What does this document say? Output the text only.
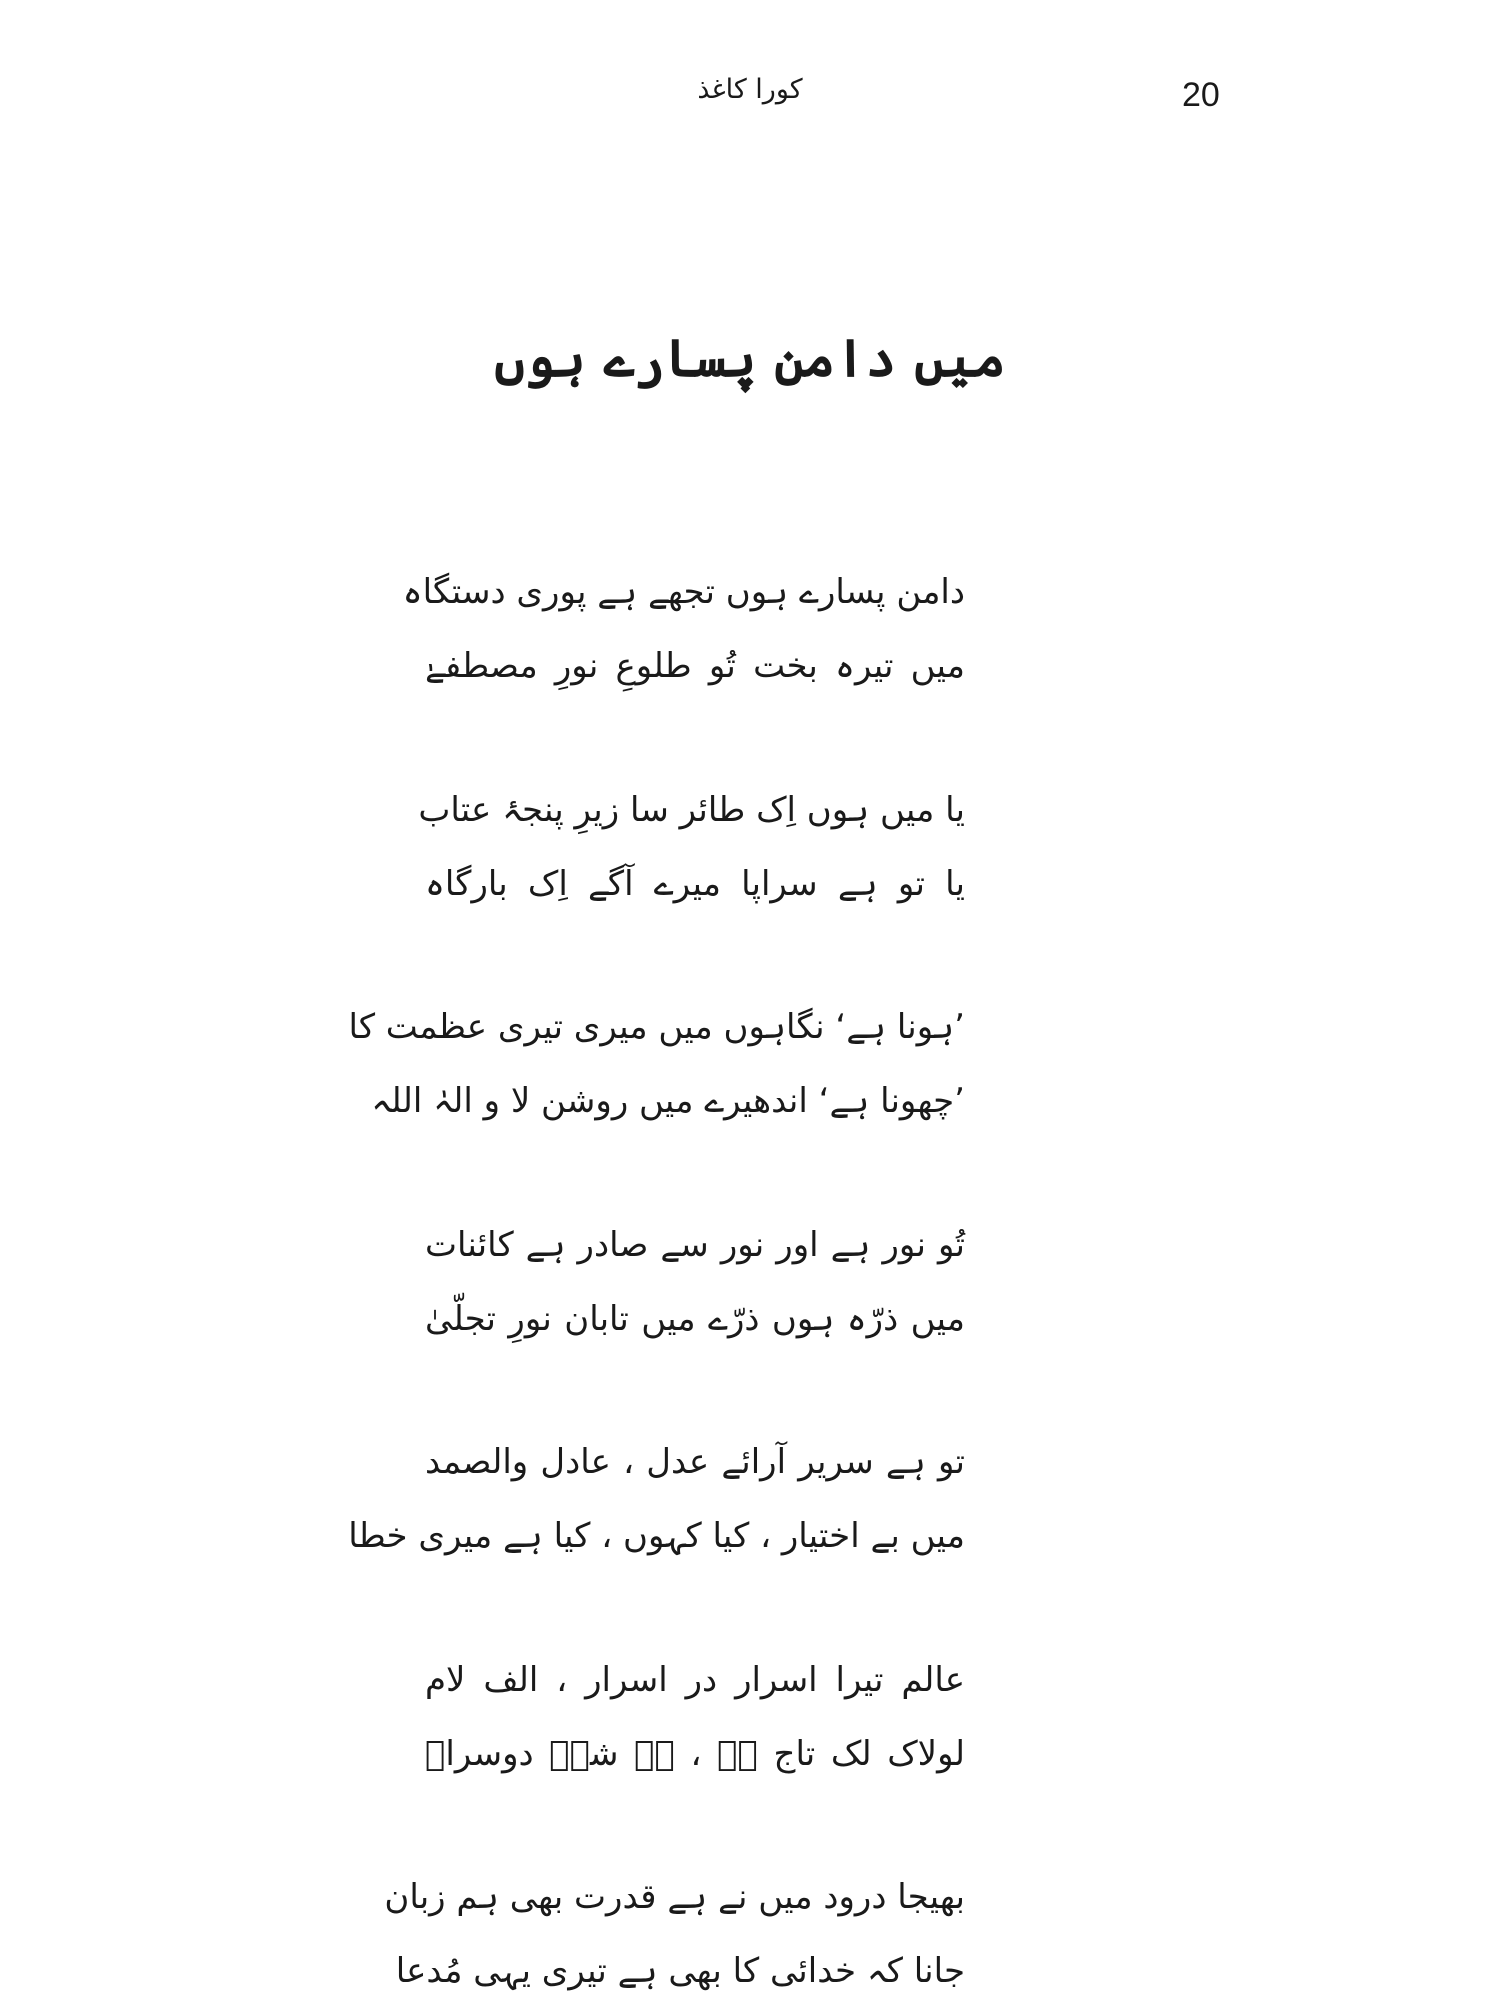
20
کورا کاغذ
میں دامن پسارے ہوں
دامن پسارے ہوں تجھے ہے پوری دستگاہ
میں تیرہ بخت تُو طلوعِ نورِ مصطفےٰ
یا میں ہوں اِک طائر سا زیرِ پنجۂ عتاب
یا تو ہے سراپا میرے آگے اِک بارگاہ
’ہونا ہے‘ نگاہوں میں میری تیری عظمت کا
’چھونا ہے‘ اندھیرے میں روشن لا و الہٰ اللہ
تُو نور ہے اور نور سے صادر ہے کائنات
میں ذرّہ ہوں ذرّے میں تابان نورِ تجلّیٰ
تو ہے سریر آرائے عدل ، عادل والصمد
میں بے اختیار ، کیا کہوں ، کیا ہے میری خطا
عالم تیرا اسرار در اسرار ، الف لام
لولاک لک تاج ہے ، ہے شہہ دوسراؐ
بھیجا درود میں نے ہے قدرت بھی ہم زبان
جانا کہ خدائی کا بھی ہے تیری یہی مُدعا
